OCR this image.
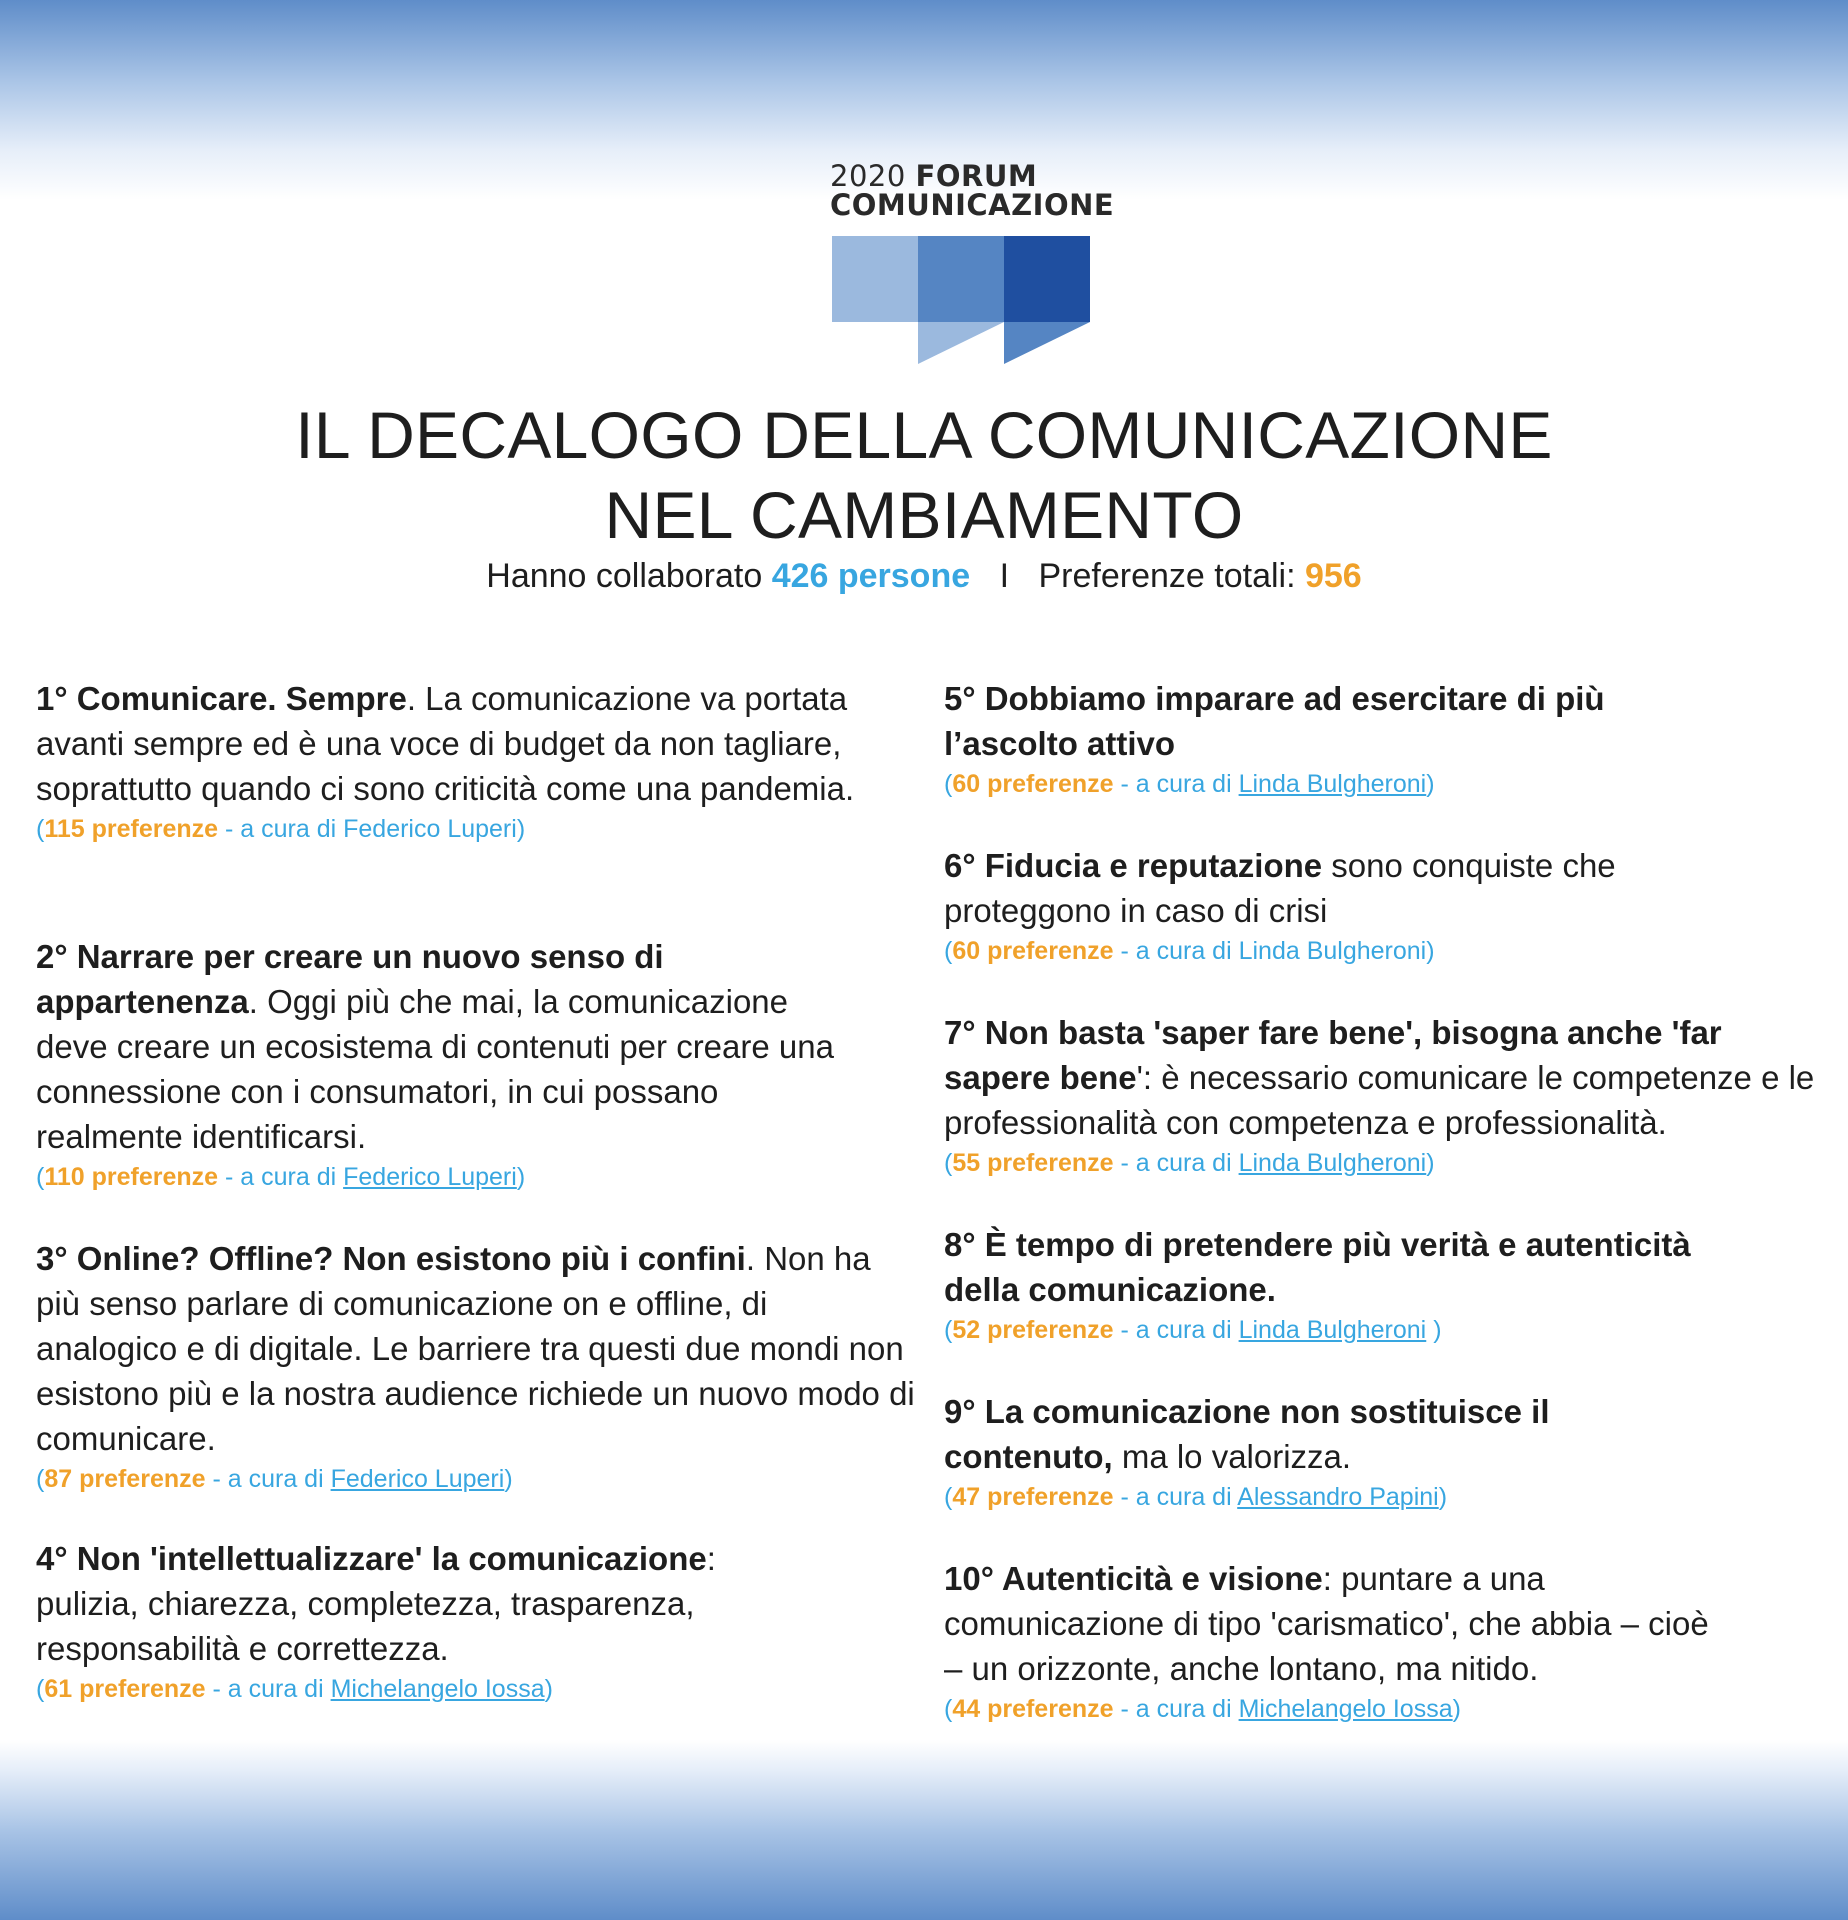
2020 FORUM
COMUNICAZIONE
IL DECALOGO DELLA COMUNICAZIONE
NEL CAMBIAMENTO
Hanno collaborato 426 persone I Preferenze totali: 956

1° Comunicare. Sempre. La comunicazione va portata avanti sempre ed è una voce di budget da non tagliare, soprattutto quando ci sono criticità come una pandemia.

(115 preferenze - a cura di Federico Luperi)

2° Narrare per creare un nuovo senso di appartenenza. Oggi più che mai, la comunicazione deve creare un ecosistema di contenuti per creare una connessione con i consumatori, in cui possano realmente identificarsi.

(110 preferenze - a cura di Federico Luperi)

3° Online? Offline? Non esistono più i confini. Non ha più senso parlare di comunicazione on e offline, di analogico e di digitale. Le barriere tra questi due mondi non esistono più e la nostra audience richiede un nuovo modo di comunicare.

(87 preferenze - a cura di Federico Luperi)

4° Non 'intellettualizzare' la comunicazione: pulizia, chiarezza, completezza, trasparenza, responsabilità e correttezza.

(61 preferenze - a cura di Michelangelo Iossa)

5° Dobbiamo imparare ad esercitare di più l’ascolto attivo

(60 preferenze - a cura di Linda Bulgheroni)

6° Fiducia e reputazione sono conquiste che proteggono in caso di crisi

(60 preferenze - a cura di Linda Bulgheroni)

7° Non basta 'saper fare bene', bisogna anche 'far sapere bene': è necessario comunicare le competenze e le professionalità con competenza e professionalità.

(55 preferenze - a cura di Linda Bulgheroni)

8° È tempo di pretendere più verità e autenticità della comunicazione.

(52 preferenze - a cura di Linda Bulgheroni )

9° La comunicazione non sostituisce il contenuto, ma lo valorizza.

(47 preferenze - a cura di Alessandro Papini)

10° Autenticità e visione: puntare a una comunicazione di tipo 'carismatico', che abbia – cioè – un orizzonte, anche lontano, ma nitido.

(44 preferenze - a cura di Michelangelo Iossa)
